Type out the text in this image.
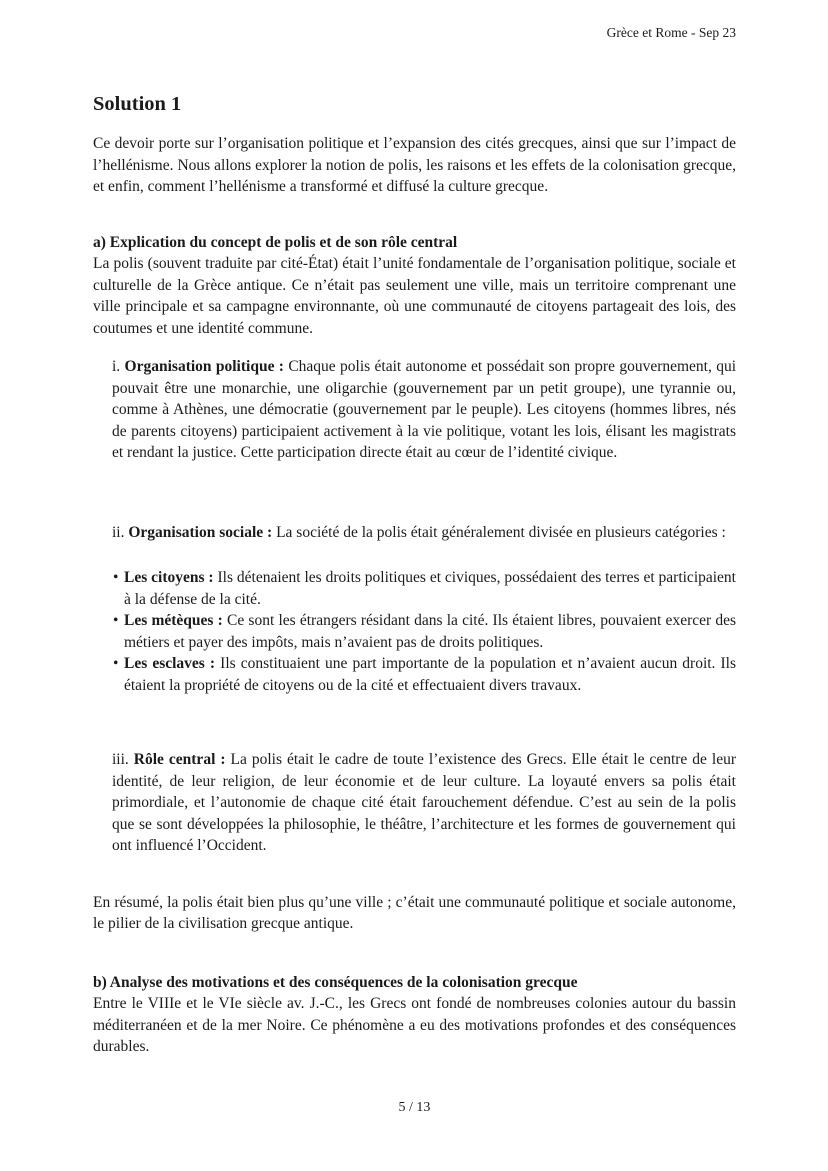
Grèce et Rome - Sep 23
Solution 1

Ce devoir porte sur l’organisation politique et l’expansion des cités grecques, ainsi que sur l’impact de l’hellénisme. Nous allons explorer la notion de polis, les raisons et les effets de la colonisation grecque, et enfin, comment l’hellénisme a transformé et diffusé la culture grecque.

a) Explication du concept de polis et de son rôle central

La polis (souvent traduite par cité-État) était l’unité fondamentale de l’organisation politique, sociale et culturelle de la Grèce antique. Ce n’était pas seulement une ville, mais un territoire comprenant une ville principale et sa campagne environnante, où une communauté de citoyens partageait des lois, des coutumes et une identité commune.

i. Organisation politique : Chaque polis était autonome et possédait son propre gouvernement, qui pouvait être une monarchie, une oligarchie (gouvernement par un petit groupe), une tyrannie ou, comme à Athènes, une démocratie (gouvernement par le peuple). Les citoyens (hommes libres, nés de parents citoyens) participaient activement à la vie politique, votant les lois, élisant les magistrats et rendant la justice. Cette participation directe était au cœur de l’identité civique.
ii. Organisation sociale : La société de la polis était généralement divisée en plusieurs catégories :
• Les citoyens : Ils détenaient les droits politiques et civiques, possédaient des terres et participaient à la défense de la cité.
• Les métèques : Ce sont les étrangers résidant dans la cité. Ils étaient libres, pouvaient exercer des métiers et payer des impôts, mais n’avaient pas de droits politiques.
• Les esclaves : Ils constituaient une part importante de la population et n’avaient aucun droit. Ils étaient la propriété de citoyens ou de la cité et effectuaient divers travaux.
iii. Rôle central : La polis était le cadre de toute l’existence des Grecs. Elle était le centre de leur identité, de leur religion, de leur économie et de leur culture. La loyauté envers sa polis était primordiale, et l’autonomie de chaque cité était farouchement défendue. C’est au sein de la polis que se sont développées la philosophie, le théâtre, l’architecture et les formes de gouvernement qui ont influencé l’Occident.

En résumé, la polis était bien plus qu’une ville ; c’était une communauté politique et sociale autonome, le pilier de la civilisation grecque antique.

b) Analyse des motivations et des conséquences de la colonisation grecque

Entre le VIIIe et le VIe siècle av. J.-C., les Grecs ont fondé de nombreuses colonies autour du bassin méditerranéen et de la mer Noire. Ce phénomène a eu des motivations profondes et des conséquences durables.

5 / 13
